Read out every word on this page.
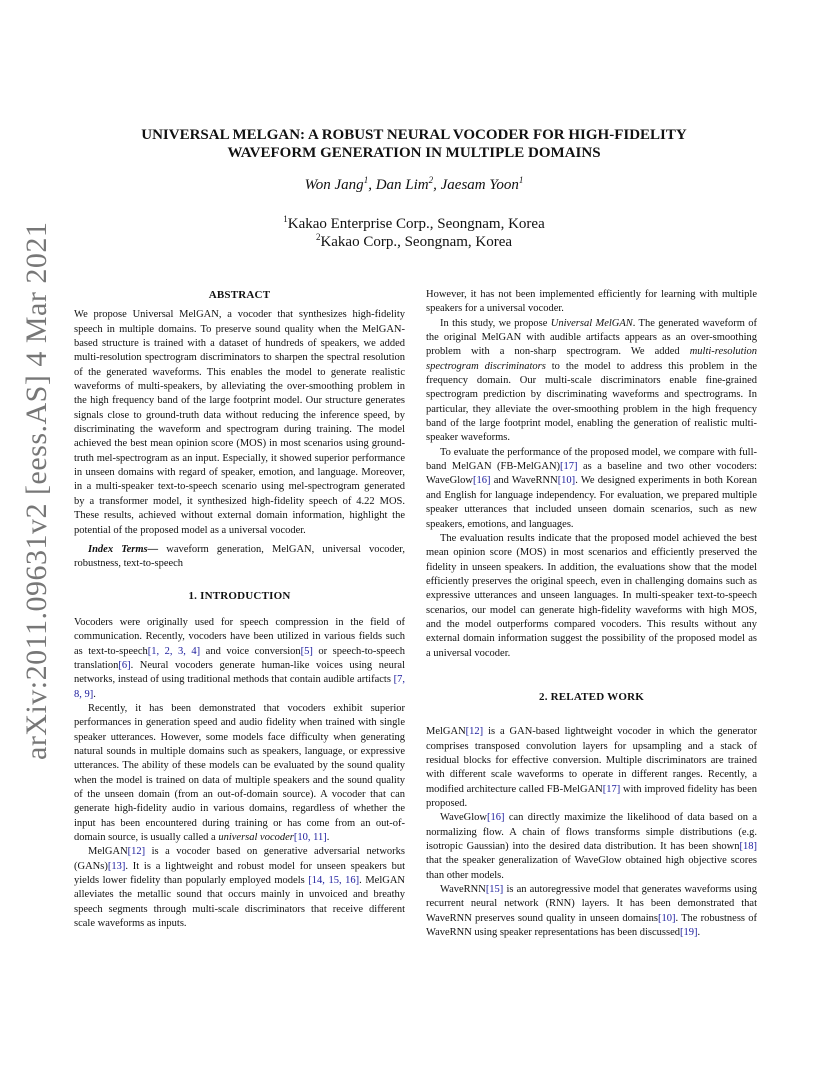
arXiv:2011.09631v2 [eess.AS] 4 Mar 2021
UNIVERSAL MELGAN: A ROBUST NEURAL VOCODER FOR HIGH-FIDELITY
WAVEFORM GENERATION IN MULTIPLE DOMAINS
Won Jang$^1$, Dan Lim$^2$, Jaesam Yoon$^1$
$^1$Kakao Enterprise Corp., Seongnam, Korea
$^2$Kakao Corp., Seongnam, Korea
ABSTRACT

We propose Universal MelGAN, a vocoder that synthesizes high-fidelity speech in multiple domains. To preserve sound quality when the MelGAN-based structure is trained with a dataset of hundreds of speakers, we added multi-resolution spectrogram discriminators to sharpen the spectral resolution of the generated waveforms. This enables the model to generate realistic waveforms of multi-speakers, by alleviating the over-smoothing problem in the high frequency band of the large footprint model. Our structure generates signals close to ground-truth data without reducing the inference speed, by discriminating the waveform and spectrogram during training. The model achieved the best mean opinion score (MOS) in most scenarios using ground-truth mel-spectrogram as an input. Especially, it showed superior performance in unseen domains with regard of speaker, emotion, and language. Moreover, in a multi-speaker text-to-speech scenario using mel-spectrogram generated by a transformer model, it synthesized high-fidelity speech of 4.22 MOS. These results, achieved without external domain information, highlight the potential of the proposed model as a universal vocoder.

Index Terms— waveform generation, MelGAN, universal vocoder, robustness, text-to-speech

1. INTRODUCTION

Vocoders were originally used for speech compression in the field of communication. Recently, vocoders have been utilized in various fields such as text-to-speech[1, 2, 3, 4] and voice conversion[5] or speech-to-speech translation[6]. Neural vocoders generate human-like voices using neural networks, instead of using traditional methods that contain audible artifacts [7, 8, 9].

Recently, it has been demonstrated that vocoders exhibit superior performances in generation speed and audio fidelity when trained with single speaker utterances. However, some models face difficulty when generating natural sounds in multiple domains such as speakers, language, or expressive utterances. The ability of these models can be evaluated by the sound quality when the model is trained on data of multiple speakers and the sound quality of the unseen domain (from an out-of-domain source). A vocoder that can generate high-fidelity audio in various domains, regardless of whether the input has been encountered during training or has come from an out-of-domain source, is usually called a universal vocoder[10, 11].

MelGAN[12] is a vocoder based on generative adversarial networks (GANs)[13]. It is a lightweight and robust model for unseen speakers but yields lower fidelity than popularly employed models [14, 15, 16]. MelGAN alleviates the metallic sound that occurs mainly in unvoiced and breathy speech segments through multi-scale discriminators that receive different scale waveforms as inputs.

However, it has not been implemented efficiently for learning with multiple speakers for a universal vocoder.

In this study, we propose Universal MelGAN. The generated waveform of the original MelGAN with audible artifacts appears as an over-smoothing problem with a non-sharp spectrogram. We added multi-resolution spectrogram discriminators to the model to address this problem in the frequency domain. Our multi-scale discriminators enable fine-grained spectrogram prediction by discriminating waveforms and spectrograms. In particular, they alleviate the over-smoothing problem in the high frequency band of the large footprint model, enabling the generation of realistic multi-speaker waveforms.

To evaluate the performance of the proposed model, we compare with full-band MelGAN (FB-MelGAN)[17] as a baseline and two other vocoders: WaveGlow[16] and WaveRNN[10]. We designed experiments in both Korean and English for language independency. For evaluation, we prepared multiple speaker utterances that included unseen domain scenarios, such as new speakers, emotions, and languages.

The evaluation results indicate that the proposed model achieved the best mean opinion score (MOS) in most scenarios and efficiently preserved the fidelity in unseen speakers. In addition, the evaluations show that the model efficiently preserves the original speech, even in challenging domains such as expressive utterances and unseen languages. In multi-speaker text-to-speech scenarios, our model can generate high-fidelity waveforms with high MOS, and the model outperforms compared vocoders. This results without any external domain information suggest the possibility of the proposed model as a universal vocoder.

2. RELATED WORK

MelGAN[12] is a GAN-based lightweight vocoder in which the generator comprises transposed convolution layers for upsampling and a stack of residual blocks for effective conversion. Multiple discriminators are trained with different scale waveforms to operate in different ranges. Recently, a modified architecture called FB-MelGAN[17] with improved fidelity has been proposed.

WaveGlow[16] can directly maximize the likelihood of data based on a normalizing flow. A chain of flows transforms simple distributions (e.g. isotropic Gaussian) into the desired data distribution. It has been shown[18] that the speaker generalization of WaveGlow obtained high objective scores than other models.

WaveRNN[15] is an autoregressive model that generates waveforms using recurrent neural network (RNN) layers. It has been demonstrated that WaveRNN preserves sound quality in unseen domains[10]. The robustness of WaveRNN using speaker representations has been discussed[19].
